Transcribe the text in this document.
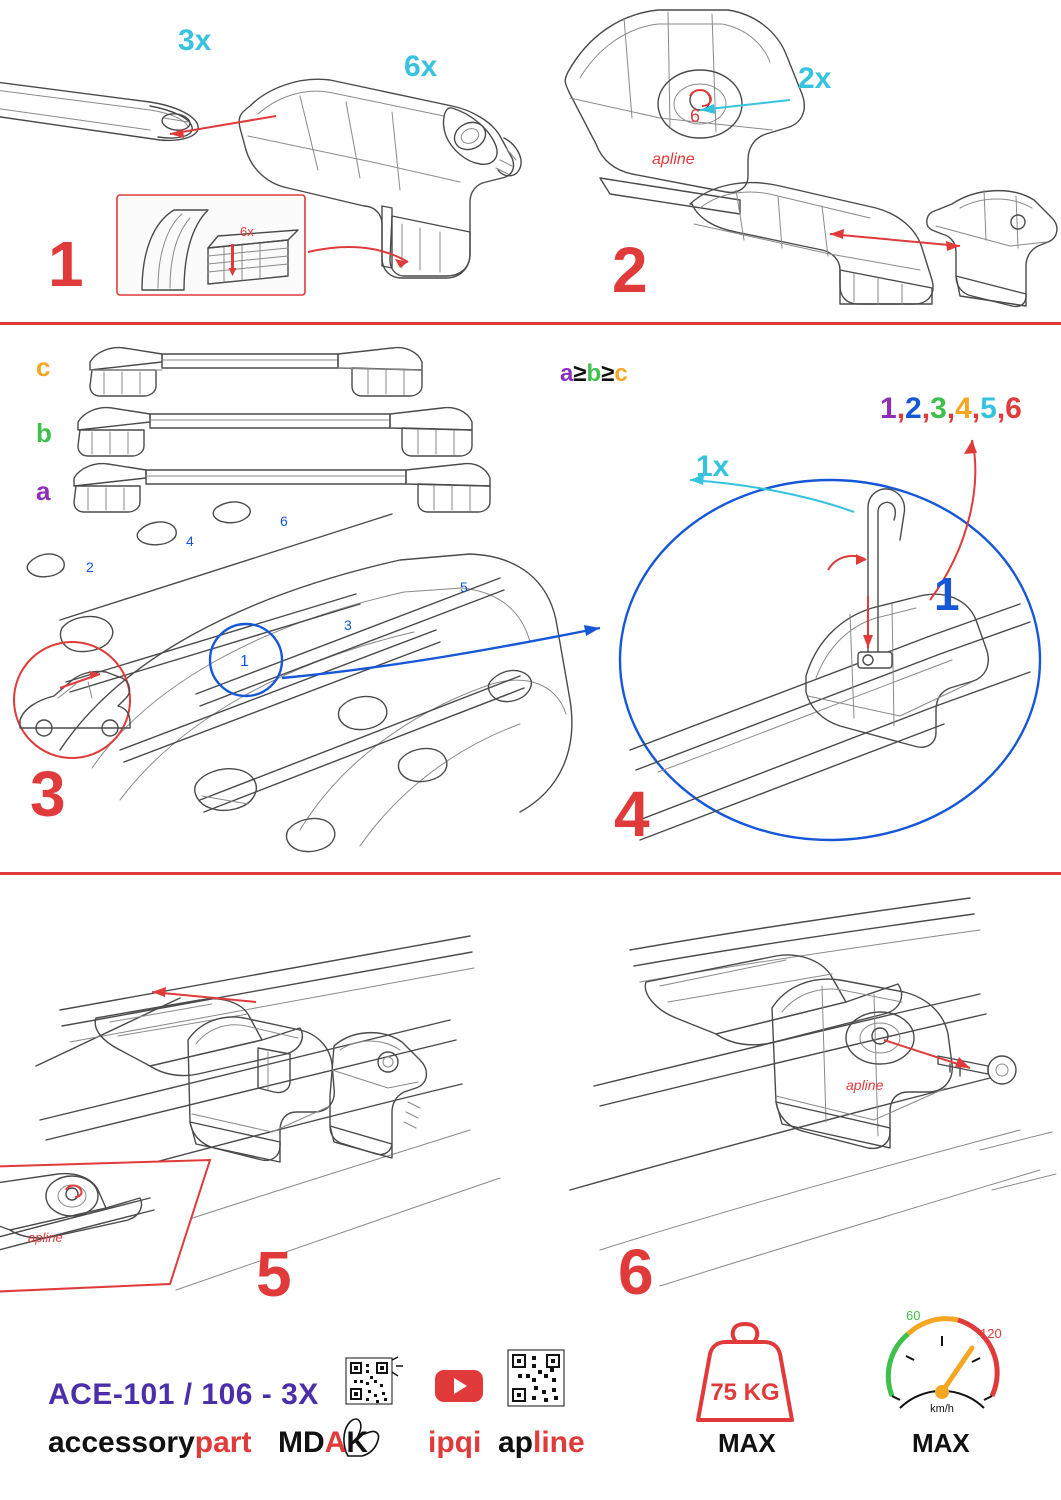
3x
6x
6x
1
6
apline
2x
2
c
b
a
a≥b≥c
2
4
6
3
5
1
3
1
1x
1,2,3,4,5,6
4
apline
5
apline
6
ACE-101 / 106 - 3X
accessorypart MDAK ipqi apline
75 KG
MAX
60
120
km/h
MAX
